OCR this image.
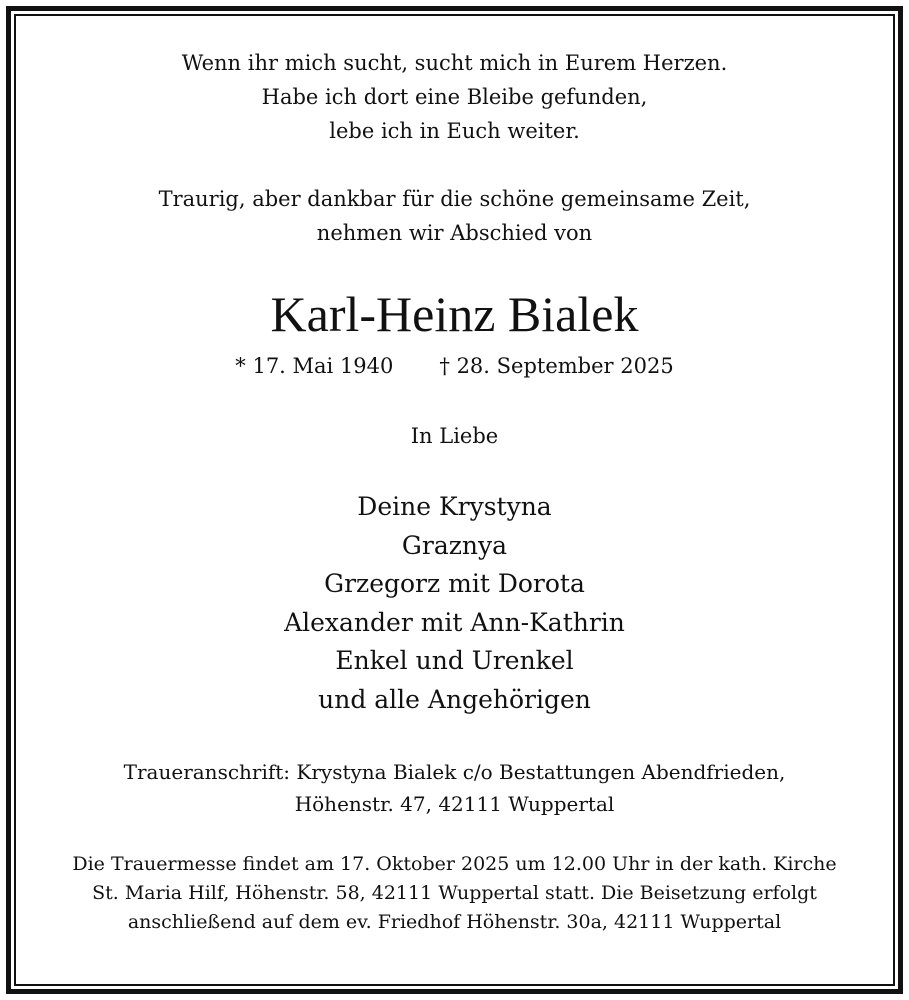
Wenn ihr mich sucht, sucht mich in Eurem Herzen.
Habe ich dort eine Bleibe gefunden,
lebe ich in Euch weiter.
Traurig, aber dankbar für die schöne gemeinsame Zeit,
nehmen wir Abschied von
Karl-Heinz Bialek
* 17. Mai 1940 † 28. September 2025
In Liebe
Deine Krystyna
Graznya
Grzegorz mit Dorota
Alexander mit Ann-Kathrin
Enkel und Urenkel
und alle Angehörigen
Traueranschrift: Krystyna Bialek c/o Bestattungen Abendfrieden,
Höhenstr. 47, 42111 Wuppertal
Die Trauermesse findet am 17. Oktober 2025 um 12.00 Uhr in der kath. Kirche
St. Maria Hilf, Höhenstr. 58, 42111 Wuppertal statt. Die Beisetzung erfolgt
anschließend auf dem ev. Friedhof Höhenstr. 30a, 42111 Wuppertal
